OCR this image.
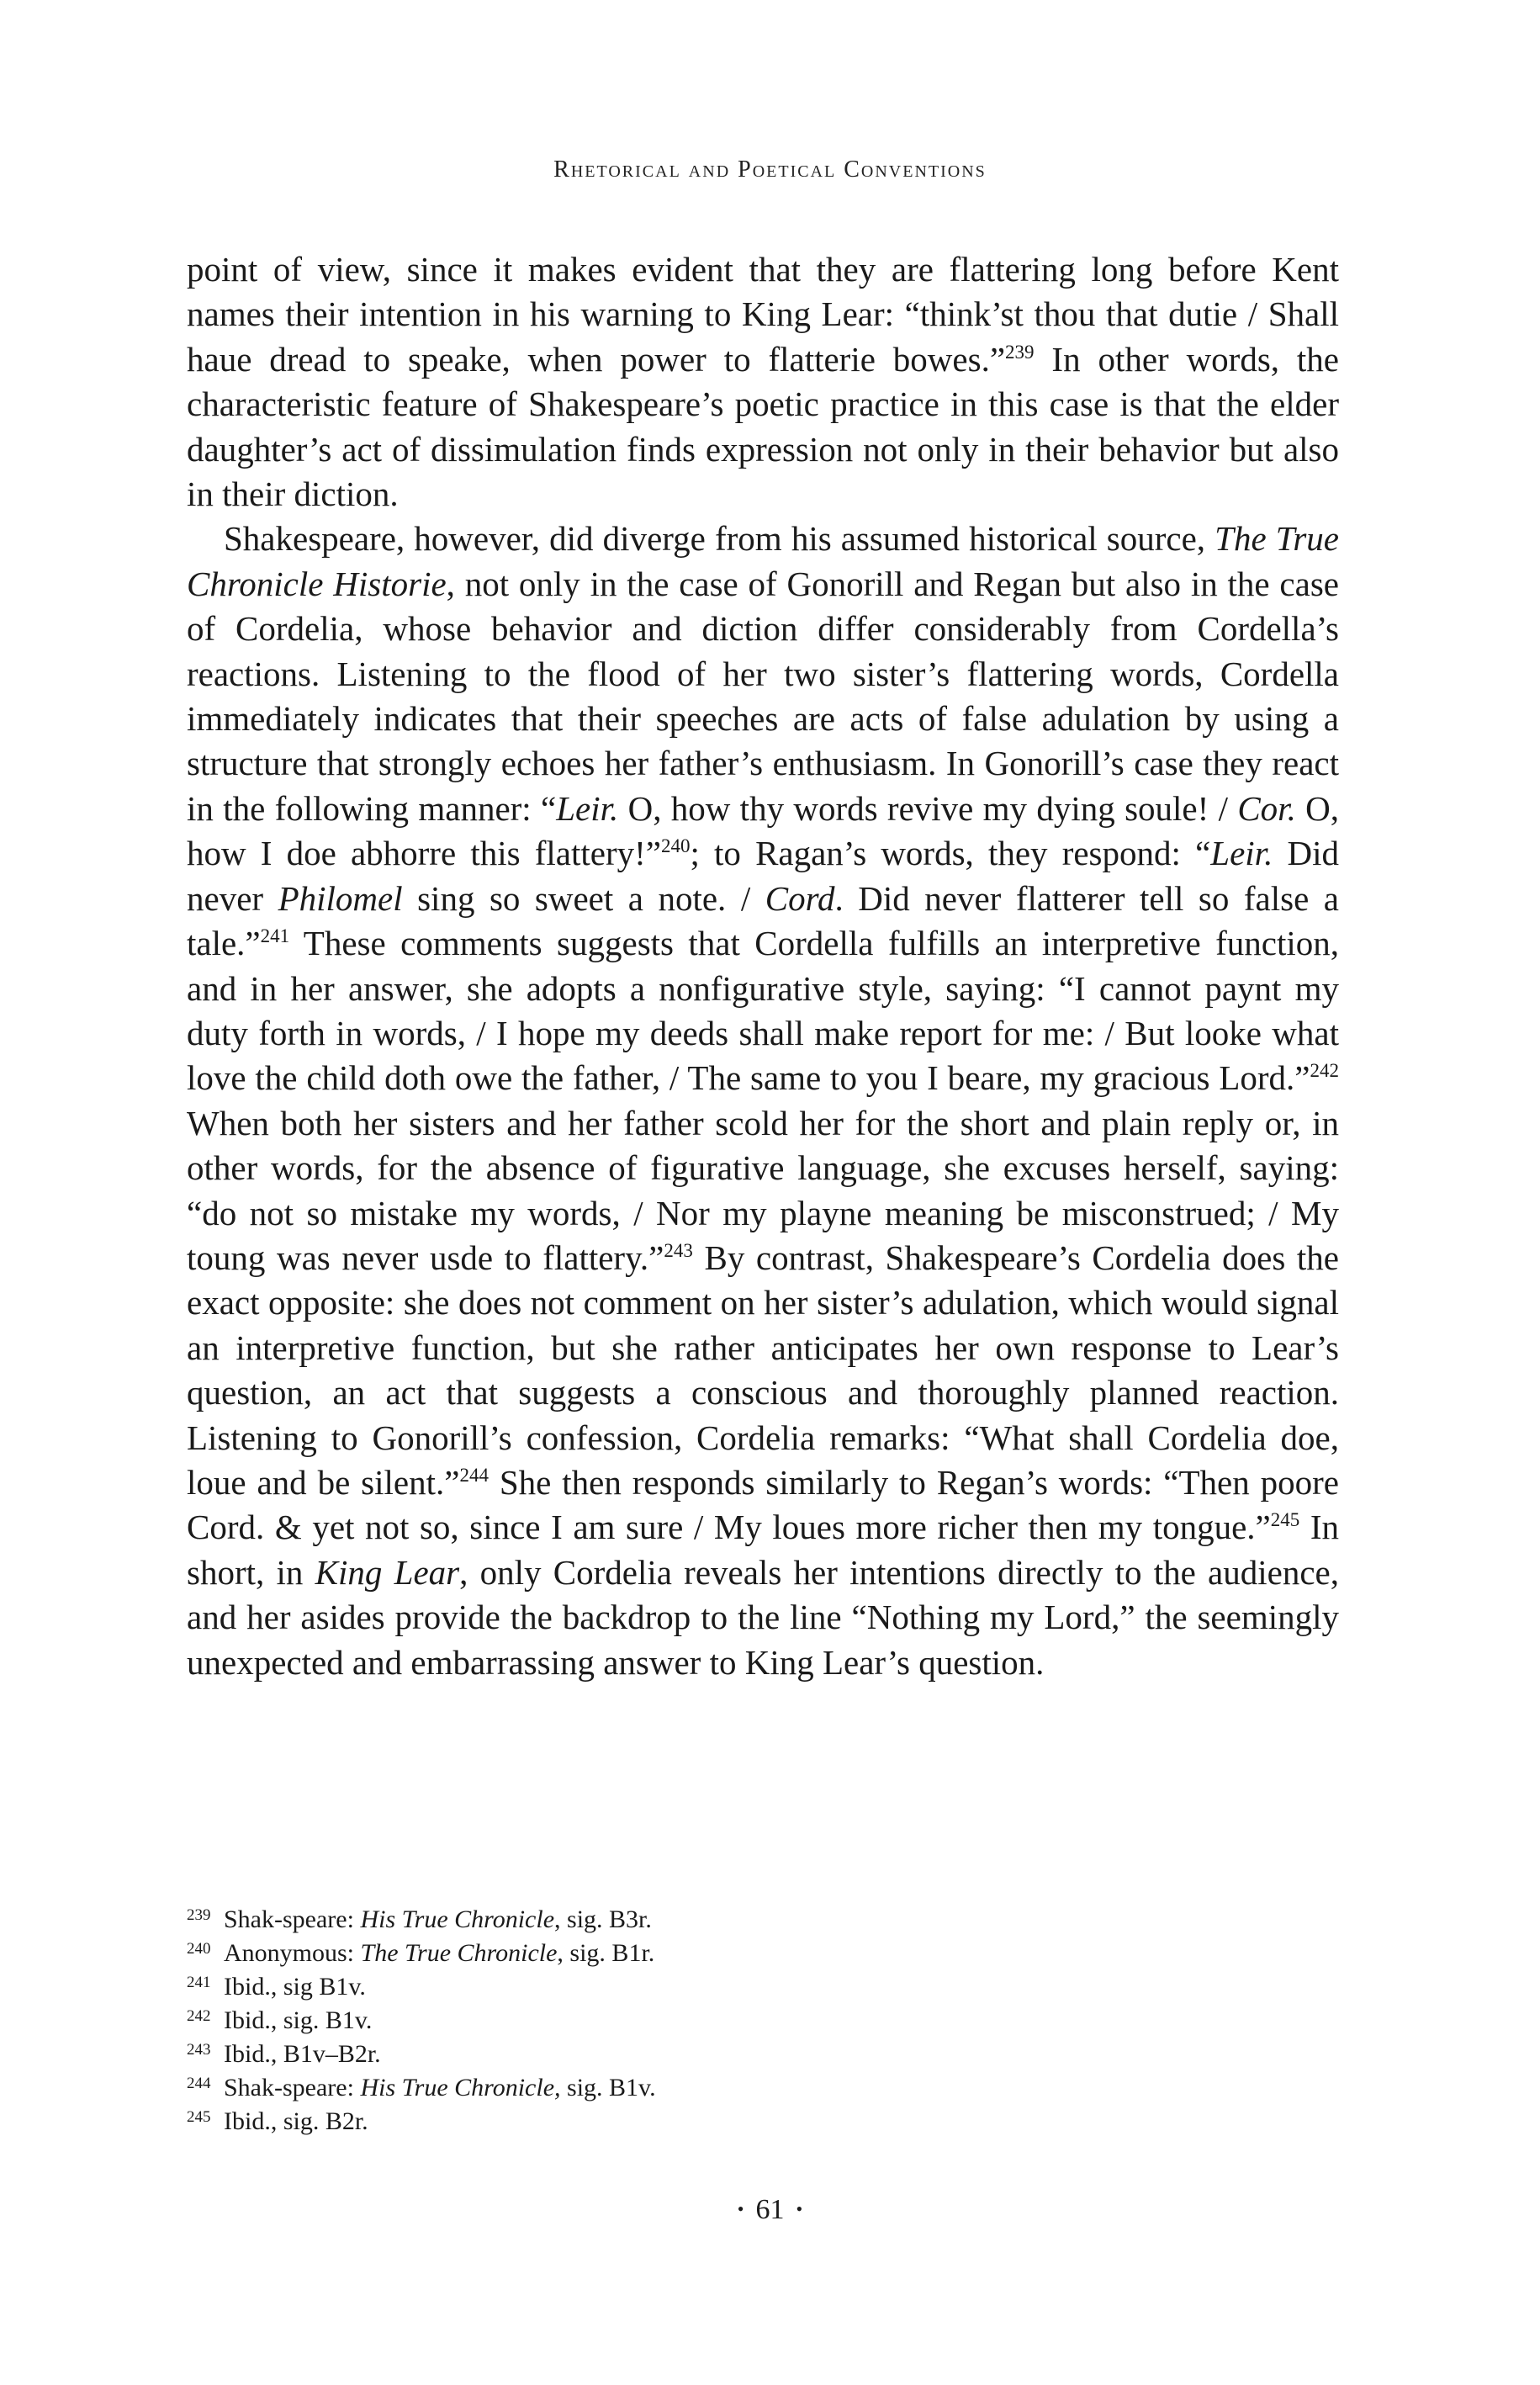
Rhetorical and Poetical Conventions

point of view, since it makes evident that they are flattering long before Kent names their intention in his warning to King Lear: “think’st thou that dutie / Shall haue dread to speake, when power to flatterie bowes.”$^{239}$ In other words, the characteristic feature of Shakespeare’s poetic practice in this case is that the elder daughter’s act of dissimulation finds expression not only in their behavior but also in their diction.

Shakespeare, however, did diverge from his assumed historical source, The True Chronicle Historie, not only in the case of Gonorill and Regan but also in the case of Cordelia, whose behavior and diction differ considerably from Cordella’s reactions. Listening to the flood of her two sister’s flattering words, Cordella immediately indicates that their speeches are acts of false adulation by using a structure that strongly echoes her father’s enthusiasm. In Gonorill’s case they react in the following manner: “Leir. O, how thy words revive my dying soule! / Cor. O, how I doe abhorre this flattery!”$^{240}$; to Ragan’s words, they respond: “Leir. Did never Philomel sing so sweet a note. / Cord. Did never flatterer tell so false a tale.”$^{241}$ These comments suggests that Cordella fulfills an interpretive function, and in her answer, she adopts a nonfigurative style, saying: “I cannot paynt my duty forth in words, / I hope my deeds shall make report for me: / But looke what love the child doth owe the father, / The same to you I beare, my gracious Lord.”$^{242}$ When both her sisters and her father scold her for the short and plain reply or, in other words, for the absence of figurative language, she excuses herself, saying: “do not so mistake my words, / Nor my playne meaning be misconstrued; / My toung was never usde to flattery.”$^{243}$ By contrast, Shakespeare’s Cordelia does the exact opposite: she does not comment on her sister’s adulation, which would signal an interpretive function, but she rather anticipates her own response to Lear’s question, an act that suggests a conscious and thoroughly planned reaction. Listening to Gonorill’s confession, Cordelia remarks: “What shall Cordelia doe, loue and be silent.”$^{244}$ She then responds similarly to Regan’s words: “Then poore Cord. & yet not so, since I am sure / My loues more richer then my tongue.”$^{245}$ In short, in King Lear, only Cordelia reveals her intentions directly to the audience, and her asides provide the backdrop to the line “Nothing my Lord,” the seemingly unexpected and embarrassing answer to King Lear’s question.

239 Shak-speare: His True Chronicle, sig. B3r.
240 Anonymous: The True Chronicle, sig. B1r.
241 Ibid., sig B1v.
242 Ibid., sig. B1v.
243 Ibid., B1v–B2r.
244 Shak-speare: His True Chronicle, sig. B1v.
245 Ibid., sig. B2r.
• 61 •
